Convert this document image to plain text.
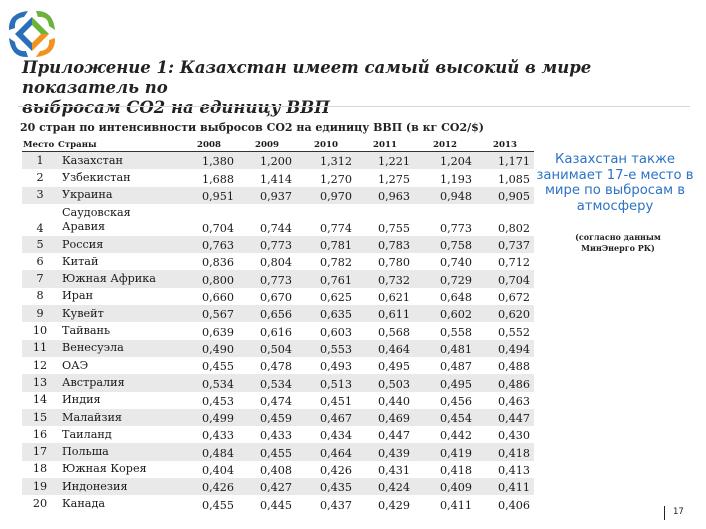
Приложение 1: Казахстан имеет самый высокий в мире показатель по
выбросам CO2 на единицу ВВП
20 стран по интенсивности выбросов CO2 на единицу ВВП (в кг CO2/$)
Место	Страны	2008	2009	2010	2011	2012	2013
1	Казахстан	1,380	1,200	1,312	1,221	1,204	1,171
2	Узбекистан	1,688	1,414	1,270	1,275	1,193	1,085
3	Украина	0,951	0,937	0,970	0,963	0,948	0,905
4	Саудовская
Аравия	0,704	0,744	0,774	0,755	0,773	0,802
5	Россия	0,763	0,773	0,781	0,783	0,758	0,737
6	Китай	0,836	0,804	0,782	0,780	0,740	0,712
7	Южная Африка	0,800	0,773	0,761	0,732	0,729	0,704
8	Иран	0,660	0,670	0,625	0,621	0,648	0,672
9	Кувейт	0,567	0,656	0,635	0,611	0,602	0,620
10	Тайвань	0,639	0,616	0,603	0,568	0,558	0,552
11	Венесуэла	0,490	0,504	0,553	0,464	0,481	0,494
12	ОАЭ	0,455	0,478	0,493	0,495	0,487	0,488
13	Австралия	0,534	0,534	0,513	0,503	0,495	0,486
14	Индия	0,453	0,474	0,451	0,440	0,456	0,463
15	Малайзия	0,499	0,459	0,467	0,469	0,454	0,447
16	Таиланд	0,433	0,433	0,434	0,447	0,442	0,430
17	Польша	0,484	0,455	0,464	0,439	0,419	0,418
18	Южная Корея	0,404	0,408	0,426	0,431	0,418	0,413
19	Индонезия	0,426	0,427	0,435	0,424	0,409	0,411
20	Канада	0,455	0,445	0,437	0,429	0,411	0,406
Казахстан также
занимает 17-е место в
мире по выбросам в
атмосферу
(согласно данным
МинЭнерго РК)
17
